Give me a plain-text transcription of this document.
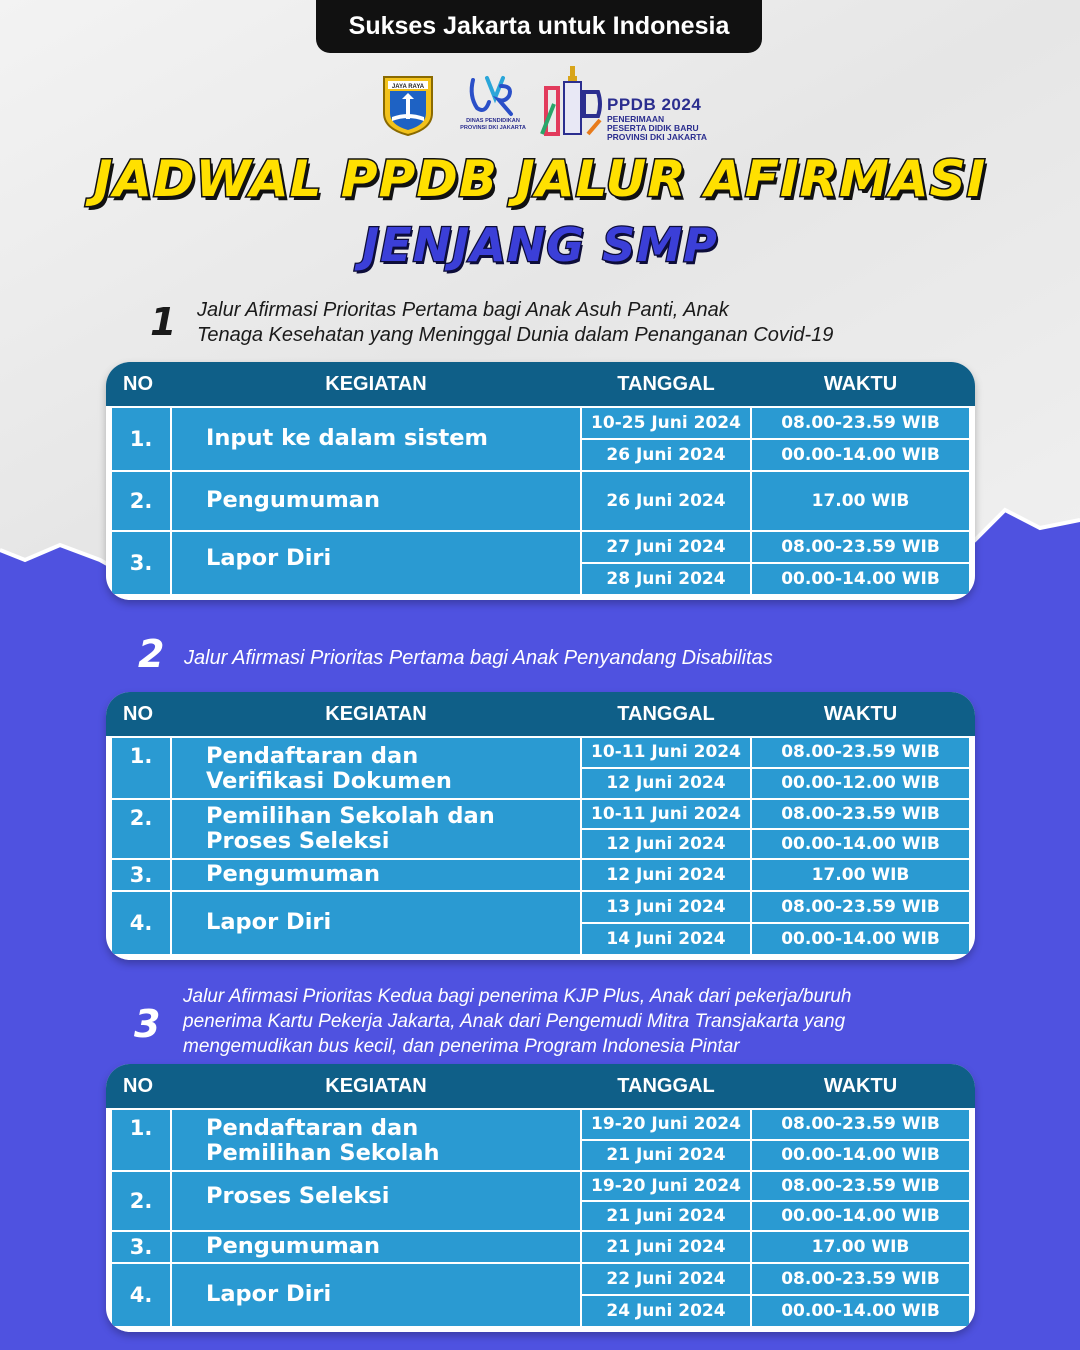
Sukses Jakarta untuk Indonesia
JAYA RAYA
DINAS PENDIDIKAN
PROVINSI DKI JAKARTA
PPDB 2024
PENERIMAAN
PESERTA DIDIK BARU
PROVINSI DKI JAKARTA
JADWAL PPDB JALUR AFIRMASI
JENJANG SMP
1 Jalur Afirmasi Prioritas Pertama bagi Anak Asuh Panti, Anak
Tenaga Kesehatan yang Meninggal Dunia dalam Penanganan Covid-19
NO	KEGIATAN	TANGGAL	WAKTU
1.	Input ke dalam sistem
10-25 Juni 2024	08.00-23.59 WIB
26 Juni 2024	00.00-14.00 WIB
2.	Pengumuman	26 Juni 2024	17.00 WIB
3.	Lapor Diri	27 Juni 2024	08.00-23.59 WIB
28 Juni 2024	00.00-14.00 WIB
2 Jalur Afirmasi Prioritas Pertama bagi Anak Penyandang Disabilitas
NO	KEGIATAN	TANGGAL	WAKTU
1.	Pendaftaran dan
Verifikasi Dokumen
10-11 Juni 2024	08.00-23.59 WIB
12 Juni 2024	00.00-12.00 WIB
2.	Pemilihan Sekolah dan
Proses Seleksi
10-11 Juni 2024	08.00-23.59 WIB
12 Juni 2024	00.00-14.00 WIB
3.	Pengumuman	12 Juni 2024	17.00 WIB
4.	Lapor Diri
13 Juni 2024	08.00-23.59 WIB
14 Juni 2024	00.00-14.00 WIB
3
Jalur Afirmasi Prioritas Kedua bagi penerima KJP Plus, Anak dari pekerja/buruh
penerima Kartu Pekerja Jakarta, Anak dari Pengemudi Mitra Transjakarta yang
mengemudikan bus kecil, dan penerima Program Indonesia Pintar
NO	KEGIATAN	TANGGAL	WAKTU
1.	Pendaftaran dan
Pemilihan Sekolah
19-20 Juni 2024	08.00-23.59 WIB
21 Juni 2024	00.00-14.00 WIB
2.	Proses Seleksi	19-20 Juni 2024	08.00-23.59 WIB
21 Juni 2024	00.00-14.00 WIB
3.	Pengumuman	21 Juni 2024	17.00 WIB
4.	Lapor Diri
22 Juni 2024	08.00-23.59 WIB
24 Juni 2024	00.00-14.00 WIB
